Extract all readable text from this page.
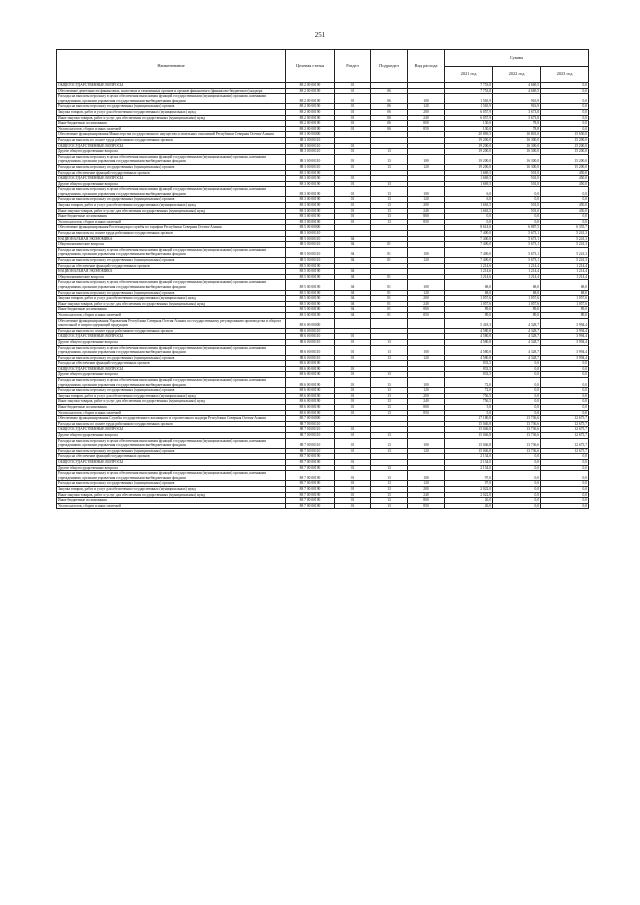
251
Наименование	Целевая статья	Раздел	Подраздел	Вид расхода	Суммы		
					2021 год	2022 год	2023 год
ОБЩЕГОСУДАРСТВЕННЫЕ ВОПРОСЫ	88 2 00 00190	01			7 753,8	4 669,5	0,0
Обеспечение деятельности финансовых, налоговых и таможенных органов и органов финансового (финансово-бюджетного) надзора	88 2 00 00190	01	06		7 753,8	4 669,5	0,0
Расходы на выплаты персоналу в целях обеспечения выполнения функций государственными (муниципальными) органами, казенными учреждениями, органами управления государственными внебюджетными фондами	88 2 00 00190	01	06	100	1 565,9	916,9	0,0
Расходы на выплаты персоналу государственных (муниципальных) органов	88 2 00 00190	01	06	120	1 565,9	916,9	0,0
Закупка товаров, работ и услуг для обеспечения государственных (муниципальных) нужд	88 2 00 00190	01	06	200	6 057,9	3 673,8	0,0
Иные закупки товаров, работ и услуг для обеспечения государственных (муниципальных) нужд	88 2 00 00190	01	06	240	6 057,9	3 673,8	0,0
Иные бюджетные ассигнования	88 2 00 00190	01	06	800	130,0	78,8	0,0
Уплата налогов, сборов и иных платежей	88 2 00 00190	01	06	850	130,0	78,8	0,0
Обеспечение функционирования Министерства государственного имущества и земельных отношений Республики Северная Осетия-Алания	88 3 00 00000				20 869,5	16 801,0	15 650,0
Расходы на выплаты по оплате труда работников государственных органов	88 3 00 00110				19 200,0	16 300,0	15 200,0
ОБЩЕГОСУДАРСТВЕННЫЕ ВОПРОСЫ	88 3 00 00110	01			19 200,0	16 300,0	15 200,0
Другие общегосударственные вопросы	88 3 00 00110	01	13		19 200,0	16 300,0	15 200,0
Расходы на выплаты персоналу в целях обеспечения выполнения функций государственными (муниципальными) органами, казенными учреждениями, органами управления государственными внебюджетными фондами	88 3 00 00110	01	13	100	19 200,0	16 300,0	15 200,0
Расходы на выплаты персоналу государственных (муниципальных) органов	88 3 00 00110	01	13	120	19 200,0	16 300,0	15 200,0
Расходы на обеспечение функций государственных органов	88 3 00 00190				1 669,5	501,0	450,0
ОБЩЕГОСУДАРСТВЕННЫЕ ВОПРОСЫ	88 3 00 00190	01			1 669,5	501,0	450,0
Другие общегосударственные вопросы	88 3 00 00190	01	13		1 669,5	501,0	450,0
Расходы на выплаты персоналу в целях обеспечения выполнения функций государственными (муниципальными) органами, казенными учреждениями, органами управления государственными внебюджетными фондами	88 3 00 00190	01	13	100	6,0	0,0	0,0
Расходы на выплаты персоналу государственных (муниципальных) органов	88 3 00 00190	01	13	120	6,0	0,0	0,0
Закупка товаров, работ и услуг для обеспечения государственных (муниципальных) нужд	88 3 00 00190	01	13	200	1 663,5	501,0	450,0
Иные закупки товаров, работ и услуг для обеспечения государственных (муниципальных) нужд	88 3 00 00190	01	13	240	1 663,5	501,0	450,0
Иные бюджетные ассигнования	88 3 00 00190	01	13	800	0,0	0,0	0,0
Уплата налогов, сборов и иных платежей	88 3 00 00190	01	13	850	0,0	0,0	0,0
Обеспечение функционирования Ростехнадзора службы по тарифам Республики Северная Осетия-Алания	88 5 00 00000				8 614,6	6 887,5	6 355,7
Расходы на выплаты по оплате труда работников государственных органов	88 5 00 00110				7 400,0	5 673,1	5 241,3
НАЦИОНАЛЬНАЯ ЭКОНОМИКА	88 5 00 00110	04			7 400,0	5 673,1	5 241,3
Общеэкономические вопросы	88 5 00 00110	04	01		7 400,0	5 673,1	5 241,3
Расходы на выплаты персоналу в целях обеспечения выполнения функций государственными (муниципальными) органами, казенными учреждениями, органами управления государственными внебюджетными фондами	88 5 00 00110	04	01	100	7 400,0	5 673,1	5 241,3
Расходы на выплаты персоналу государственных (муниципальных) органов	88 5 00 00110	04	01	120	7 400,0	5 673,1	5 241,3
Расходы на обеспечение функций государственных органов	88 5 00 00190				1 214,6	1 214,4	1 214,4
НАЦИОНАЛЬНАЯ ЭКОНОМИКА	88 5 00 00190	04			1 214,6	1 214,4	1 214,4
Общеэкономические вопросы	88 5 00 00190	04	01		1 214,6	1 214,4	1 214,4
Расходы на выплаты персоналу в целях обеспечения выполнения функций государственными (муниципальными) органами, казенными учреждениями, органами управления государственными внебюджетными фондами	88 5 00 00190	04	01	100	68,0	68,0	68,0
Расходы на выплаты персоналу государственных (муниципальных) органов	88 5 00 00190	04	01	120	68,0	68,0	68,0
Закупка товаров, работ и услуг для обеспечения государственных (муниципальных) нужд	88 5 00 00190	04	01	200	1 057,6	1 057,6	1 057,6
Иные закупки товаров, работ и услуг для обеспечения государственных (муниципальных) нужд	88 5 00 00190	04	01	240	1 057,6	1 057,6	1 057,6
Иные бюджетные ассигнования	88 5 00 00190	04	01	800	89,0	89,0	89,0
Уплата налогов, сборов и иных платежей	88 5 00 00190	04	01	850	89,0	89,0	89,0
Обеспечение функционирования Управления Республики Северная Осетия-Алания по государственному регулированию производства и оборота алкогольной и спиртосодержащей продукции	88 6 00 00000				5 418,3	4 328,7	3 994,4
Расходы на выплаты по оплате труда работников государственных органов	88 6 00 00110				4 580,8	4 328,7	3 994,4
ОБЩЕГОСУДАРСТВЕННЫЕ ВОПРОСЫ	88 6 00 00110	01			4 580,8	4 328,7	3 994,4
Другие общегосударственные вопросы	88 6 00 00110	01	13		4 580,8	4 328,7	3 994,4
Расходы на выплаты персоналу в целях обеспечения выполнения функций государственными (муниципальными) органами, казенными учреждениями, органами управления государственными внебюджетными фондами	88 6 00 00110	01	13	100	4 580,8	4 328,7	3 994,4
Расходы на выплаты персоналу государственных (муниципальных) органов	88 6 00 00110	01	13	120	4 580,8	4 328,7	3 994,4
Расходы на обеспечение функций государственных органов	88 6 00 00190				833,5	0,0	0,0
ОБЩЕГОСУДАРСТВЕННЫЕ ВОПРОСЫ	88 6 00 00190	01			833,5	0,0	0,0
Другие общегосударственные вопросы	88 6 00 00190	01	13		833,5	0,0	0,0
Расходы на выплаты персоналу в целях обеспечения выполнения функций государственными (муниципальными) органами, казенными учреждениями, органами управления государственными внебюджетными фондами	88 6 00 00190	01	13	100	72,0	0,0	0,0
Расходы на выплаты персоналу государственных (муниципальных) органов	88 6 00 00190	01	13	120	72,0	0,0	0,0
Закупка товаров, работ и услуг для обеспечения государственных (муниципальных) нужд	88 6 00 00190	01	13	200	756,5	0,0	0,0
Иные закупки товаров, работ и услуг для обеспечения государственных (муниципальных) нужд	88 6 00 00190	01	13	240	756,5	0,0	0,0
Иные бюджетные ассигнования	88 6 00 00190	01	13	800	5,0	0,0	0,0
Уплата налогов, сборов и иных платежей	88 6 00 00190	01	13	850	5,0	0,0	0,0
Обеспечение функционирования Службы государственного жилищного и строительного надзора Республики Северная Осетия-Алания	88 7 00 00000				17 180,8	13 736,6	12 675,7
Расходы на выплаты по оплате труда работников государственных органов	88 7 00 00110				15 046,8	13 736,6	12 675,7
ОБЩЕГОСУДАРСТВЕННЫЕ ВОПРОСЫ	88 7 00 00110	01			15 046,8	13 736,6	12 675,7
Другие общегосударственные вопросы	88 7 00 00110	01	13		15 046,8	13 736,6	12 675,7
Расходы на выплаты персоналу в целях обеспечения выполнения функций государственными (муниципальными) органами, казенными учреждениями, органами управления государственными внебюджетными фондами	88 7 00 00110	01	13	100	15 046,8	13 736,6	12 675,7
Расходы на выплаты персоналу государственных (муниципальных) органов	88 7 00 00110	01	13	120	15 046,8	13 736,6	12 675,7
Расходы на обеспечение функций государственных органов	88 7 00 00190				2 134,0	0,0	0,0
ОБЩЕГОСУДАРСТВЕННЫЕ ВОПРОСЫ	88 7 00 00190	01			2 134,0	0,0	0,0
Другие общегосударственные вопросы	88 7 00 00190	01	13		2 134,0	0,0	0,0
Расходы на выплаты персоналу в целях обеспечения выполнения функций государственными (муниципальными) органами, казенными учреждениями, органами управления государственными внебюджетными фондами	88 7 00 00190	01	13	100	97,0	0,0	0,0
Расходы на выплаты персоналу государственных (муниципальных) органов	88 7 00 00190	01	13	120	97,0	0,0	0,0
Закупка товаров, работ и услуг для обеспечения государственных (муниципальных) нужд	88 7 00 00190	01	13	200	2 022,0	0,0	0,0
Иные закупки товаров, работ и услуг для обеспечения государственных (муниципальных) нужд	88 7 00 00190	01	13	240	2 022,0	0,0	0,0
Иные бюджетные ассигнования	88 7 00 00190	01	13	800	26,0	0,0	0,0
Уплата налогов, сборов и иных платежей	88 7 00 00190	01	13	850	26,0	0,0	0,0
